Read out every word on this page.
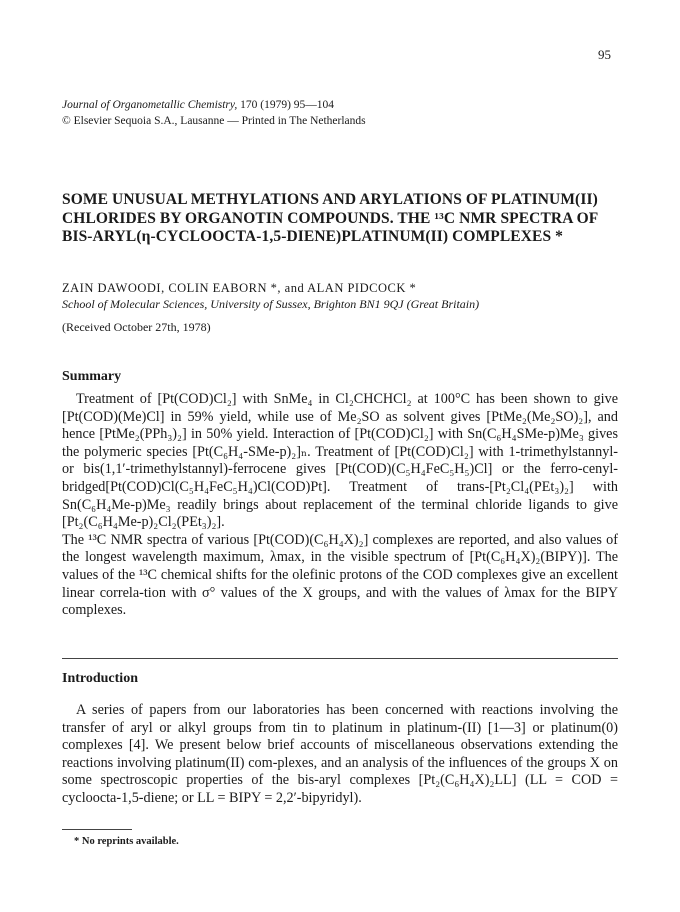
95
Journal of Organometallic Chemistry, 170 (1979) 95—104
© Elsevier Sequoia S.A., Lausanne — Printed in The Netherlands
SOME UNUSUAL METHYLATIONS AND ARYLATIONS OF PLATINUM(II)
CHLORIDES BY ORGANOTIN COMPOUNDS. THE ¹³C NMR SPECTRA OF
BIS-ARYL(η-CYCLOOCTA-1,5-DIENE)PLATINUM(II) COMPLEXES *
ZAIN DAWOODI, COLIN EABORN *, and ALAN PIDCOCK *
School of Molecular Sciences, University of Sussex, Brighton BN1 9QJ (Great Britain)
(Received October 27th, 1978)
Summary

Treatment of [Pt(COD)Cl₂] with SnMe₄ in Cl₂CHCHCl₂ at 100°C has been shown to give [Pt(COD)(Me)Cl] in 59% yield, while use of Me₂SO as solvent gives [PtMe₂(Me₂SO)₂], and hence [PtMe₂(PPh₃)₂] in 50% yield. Interaction of [Pt(COD)Cl₂] with Sn(C₆H₄SMe-p)Me₃ gives the polymeric species [Pt(C₆H₄-SMe-p)₂]ₙ. Treatment of [Pt(COD)Cl₂] with 1-trimethylstannyl- or bis(1,1′-trimethylstannyl)-ferrocene gives [Pt(COD)(C₅H₄FeC₅H₅)Cl] or the ferro-cenyl-bridged[Pt(COD)Cl(C₅H₄FeC₅H₄)Cl(COD)Pt]. Treatment of trans-[Pt₂Cl₄(PEt₃)₂] with Sn(C₆H₄Me-p)Me₃ readily brings about replacement of the terminal chloride ligands to give [Pt₂(C₆H₄Me-p)₂Cl₂(PEt₃)₂].

The ¹³C NMR spectra of various [Pt(COD)(C₆H₄X)₂] complexes are reported, and also values of the longest wavelength maximum, λmax, in the visible spectrum of [Pt(C₆H₄X)₂(BIPY)]. The values of the ¹³C chemical shifts for the olefinic protons of the COD complexes give an excellent linear correla-tion with σ° values of the X groups, and with the values of λmax for the BIPY complexes.

Introduction

A series of papers from our laboratories has been concerned with reactions involving the transfer of aryl or alkyl groups from tin to platinum in platinum-(II) [1—3] or platinum(0) complexes [4]. We present below brief accounts of miscellaneous observations extending the reactions involving platinum(II) com-plexes, and an analysis of the influences of the groups X on some spectroscopic properties of the bis-aryl complexes [Pt₂(C₆H₄X)₂LL] (LL = COD = cycloocta-1,5-diene; or LL = BIPY = 2,2′-bipyridyl).

* No reprints available.
